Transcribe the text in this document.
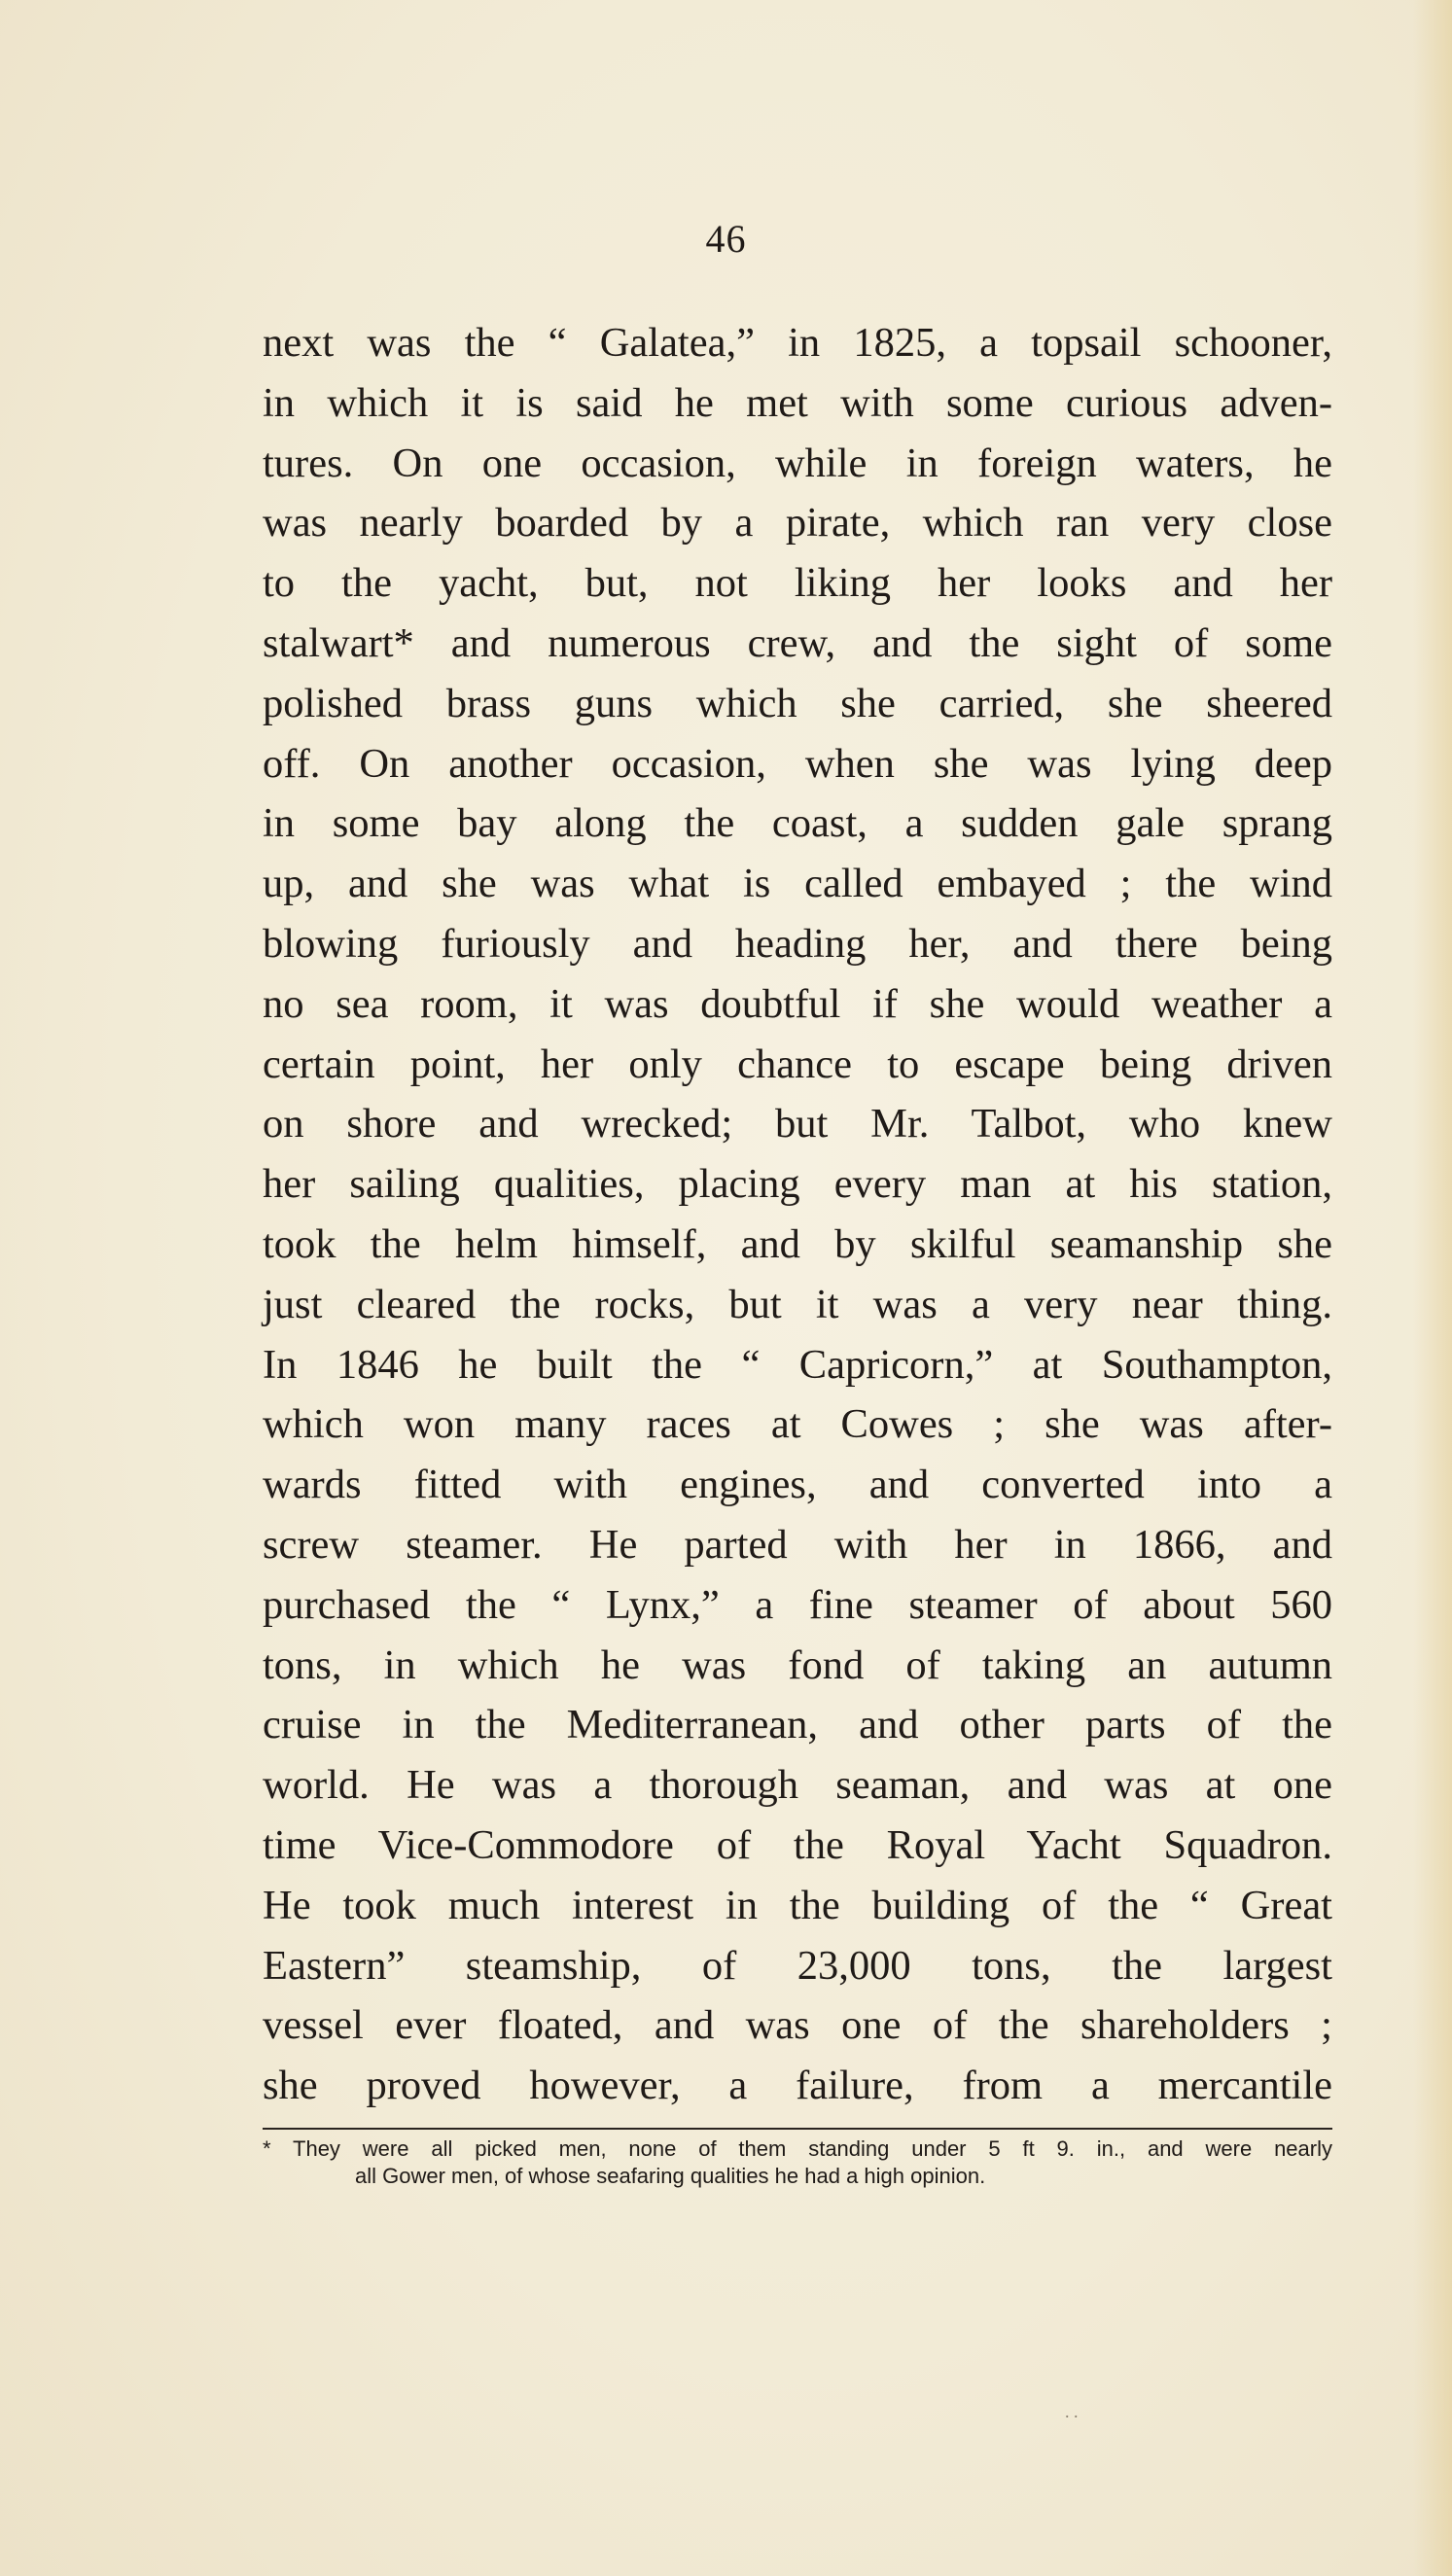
46
next was the “ Galatea,” in 1825, a topsail schooner,
in which it is said he met with some curious adven-
tures. On one occasion, while in foreign waters, he
was nearly boarded by a pirate, which ran very close
to the yacht, but, not liking her looks and her
stalwart* and numerous crew, and the sight of some
polished brass guns which she carried, she sheered
off. On another occasion, when she was lying deep
in some bay along the coast, a sudden gale sprang
up, and she was what is called embayed ; the wind
blowing furiously and heading her, and there being
no sea room, it was doubtful if she would weather a
certain point, her only chance to escape being driven
on shore and wrecked; but Mr. Talbot, who knew
her sailing qualities, placing every man at his station,
took the helm himself, and by skilful seamanship she
just cleared the rocks, but it was a very near thing.
In 1846 he built the “ Capricorn,” at Southampton,
which won many races at Cowes ; she was after-
wards fitted with engines, and converted into a
screw steamer. He parted with her in 1866, and
purchased the “ Lynx,” a fine steamer of about 560
tons, in which he was fond of taking an autumn
cruise in the Mediterranean, and other parts of the
world. He was a thorough seaman, and was at one
time Vice-Commodore of the Royal Yacht Squadron.
He took much interest in the building of the “ Great
Eastern” steamship, of 23,000 tons, the largest
vessel ever floated, and was one of the shareholders ;
she proved however, a failure, from a mercantile
* They were all picked men, none of them standing under 5 ft 9. in., and were nearly
all Gower men, of whose seafaring qualities he had a high opinion.
. .
